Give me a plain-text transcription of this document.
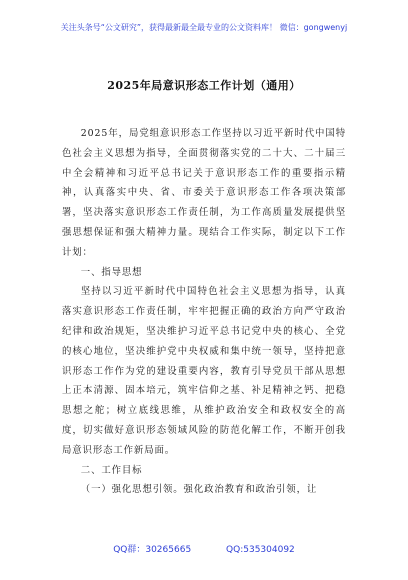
关注头条号“公文研究”，获得最新最全最专业的公文资料库！ 微信：gongwenyj
2025年局意识形态工作计划（通用）

2025年，局党组意识形态工作坚持以习近平新时代中国特色社会主义思想为指导，全面贯彻落实党的二十大、二十届三中全会精神和习近平总书记关于意识形态工作的重要指示精神，认真落实中央、省、市委关于意识形态工作各项决策部署，坚决落实意识形态工作责任制，为工作高质量发展提供坚强思想保证和强大精神力量。现结合工作实际，制定以下工作计划：

一、指导思想

坚持以习近平新时代中国特色社会主义思想为指导，认真落实意识形态工作责任制，牢牢把握正确的政治方向严守政治纪律和政治规矩，坚决维护习近平总书记党中央的核心、全党的核心地位，坚决维护党中央权威和集中统一领导，坚持把意识形态工作作为党的建设重要内容，教育引导党员干部从思想上正本清源、固本培元，筑牢信仰之基、补足精神之钙、把稳思想之舵；树立底线思维，从维护政治安全和政权安全的高度，切实做好意识形态领域风险的防范化解工作，不断开创我局意识形态工作新局面。

二、工作目标

（一）强化思想引领。强化政治教育和政治引领，让

QQ群：30265665	QQ:535304092
